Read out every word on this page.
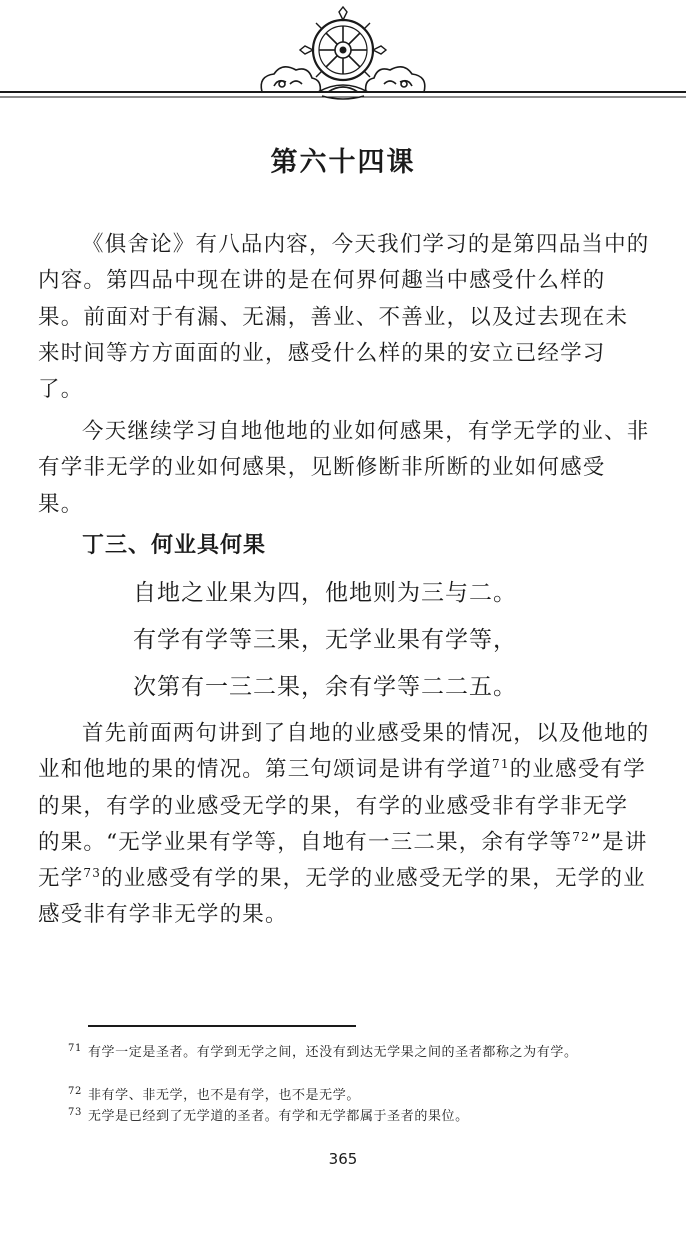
第六十四课

《俱舍论》有八品内容，今天我们学习的是第四品当中的内容。第四品中现在讲的是在何界何趣当中感受什么样的果。前面对于有漏、无漏，善业、不善业，以及过去现在未来时间等方方面面的业，感受什么样的果的安立已经学习了。

今天继续学习自地他地的业如何感果，有学无学的业、非有学非无学的业如何感果，见断修断非所断的业如何感受果。

丁三、何业具何果
自地之业果为四，他地则为三与二。
有学有学等三果，无学业果有学等，
次第有一三二果，余有学等二二五。

首先前面两句讲到了自地的业感受果的情况，以及他地的业和他地的果的情况。第三句颂词是讲有学道$^{71}$的业感受有学的果，有学的业感受无学的果，有学的业感受非有学非无学的果。“无学业果有学等，自地有一三二果，余有学等$^{72}$”是讲无学$^{73}$的业感受有学的果，无学的业感受无学的果，无学的业感受非有学非无学的果。

$^{71}$ 有学一定是圣者。有学到无学之间，还没有到达无学果之间的圣者都称之为有学。
$^{72}$ 非有学、非无学，也不是有学，也不是无学。
$^{73}$ 无学是已经到了无学道的圣者。有学和无学都属于圣者的果位。
365
